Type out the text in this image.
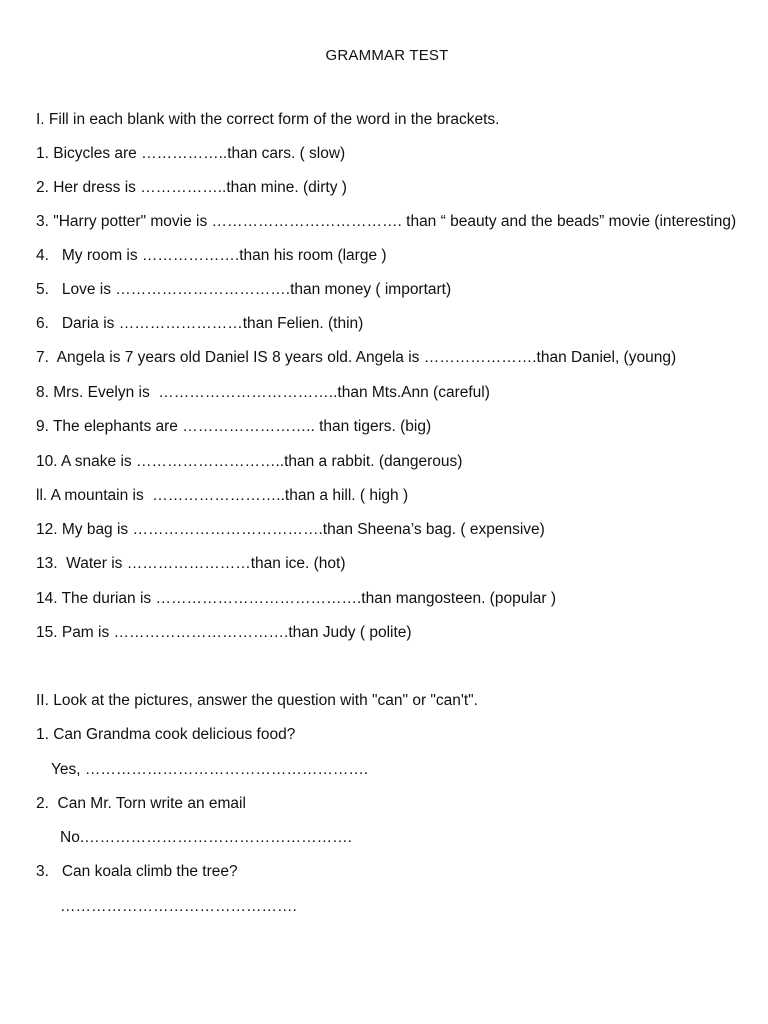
GRAMMAR TEST
I. Fill in each blank with the correct form of the word in the brackets.
1. Bicycles are ……………..than cars. ( slow)
2. Her dress is ……………..than mine. (dirty )
3. "Harry potter" movie is ………………………………. than “ beauty and the beads” movie (interesting)
4.   My room is ……………….than his room (large )
5.   Love is …………………………….than money ( importart)
6.   Daria is ……………………than Felien. (thin)
7.  Angela is 7 years old Daniel IS 8 years old. Angela is ………………….than Daniel, (young)
8. Mrs. Evelyn is  ……………………………..than Mts.Ann (careful)
9. The elephants are …………………….. than tigers. (big)
10. A snake is ………………………..than a rabbit. (dangerous)
ll. A mountain is  ……………………..than a hill. ( high )
12. My bag is ……………………………….than Sheena’s bag. ( expensive)
13.  Water is ……………………than ice. (hot)
14. The durian is ………………………………….than mangosteen. (popular )
15. Pam is …………………………….than Judy ( polite)
II. Look at the pictures, answer the question with "can" or "can't".
1. Can Grandma cook delicious food?
Yes, ……………………………………………….
2.  Can Mr. Torn write an email
No.…………………………………………….
3.   Can koala climb the tree?
……………………………………….
